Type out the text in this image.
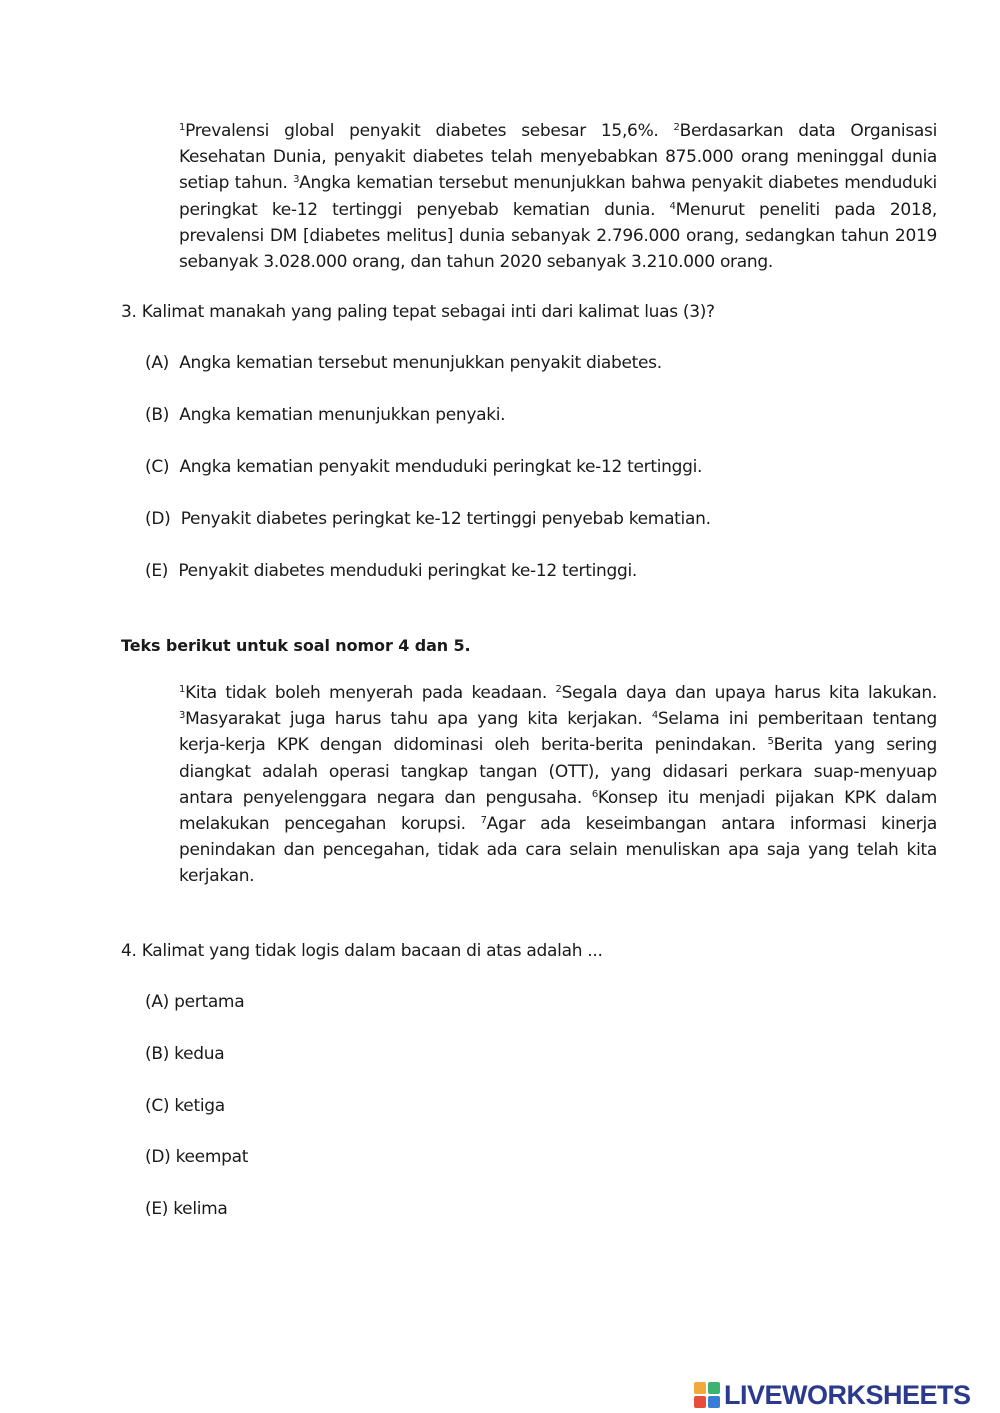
$^1$Prevalensi global penyakit diabetes sebesar 15,6%. $^2$Berdasarkan data Organisasi Kesehatan Dunia, penyakit diabetes telah menyebabkan 875.000 orang meninggal dunia setiap tahun. $^3$Angka kematian tersebut menunjukkan bahwa penyakit diabetes menduduki peringkat ke-12 tertinggi penyebab kematian dunia. $^4$Menurut peneliti pada 2018, prevalensi DM [diabetes melitus] dunia sebanyak 2.796.000 orang, sedangkan tahun 2019 sebanyak 3.028.000 orang, dan tahun 2020 sebanyak 3.210.000 orang.
3. Kalimat manakah yang paling tepat sebagai inti dari kalimat luas (3)?
(A) Angka kematian tersebut menunjukkan penyakit diabetes.
(B) Angka kematian menunjukkan penyaki.
(C) Angka kematian penyakit menduduki peringkat ke-12 tertinggi.
(D) Penyakit diabetes peringkat ke-12 tertinggi penyebab kematian.
(E) Penyakit diabetes menduduki peringkat ke-12 tertinggi.
Teks berikut untuk soal nomor 4 dan 5.
$^1$Kita tidak boleh menyerah pada keadaan. $^2$Segala daya dan upaya harus kita lakukan. $^3$Masyarakat juga harus tahu apa yang kita kerjakan. $^4$Selama ini pemberitaan tentang kerja-kerja KPK dengan didominasi oleh berita-berita penindakan. $^5$Berita yang sering diangkat adalah operasi tangkap tangan (OTT), yang didasari perkara suap-menyuap antara penyelenggara negara dan pengusaha. $^6$Konsep itu menjadi pijakan KPK dalam melakukan pencegahan korupsi. $^7$Agar ada keseimbangan antara informasi kinerja penindakan dan pencegahan, tidak ada cara selain menuliskan apa saja yang telah kita kerjakan.
4. Kalimat yang tidak logis dalam bacaan di atas adalah ...
(A) pertama
(B) kedua
(C) ketiga
(D) keempat
(E) kelima
LIVEWORKSHEETS
